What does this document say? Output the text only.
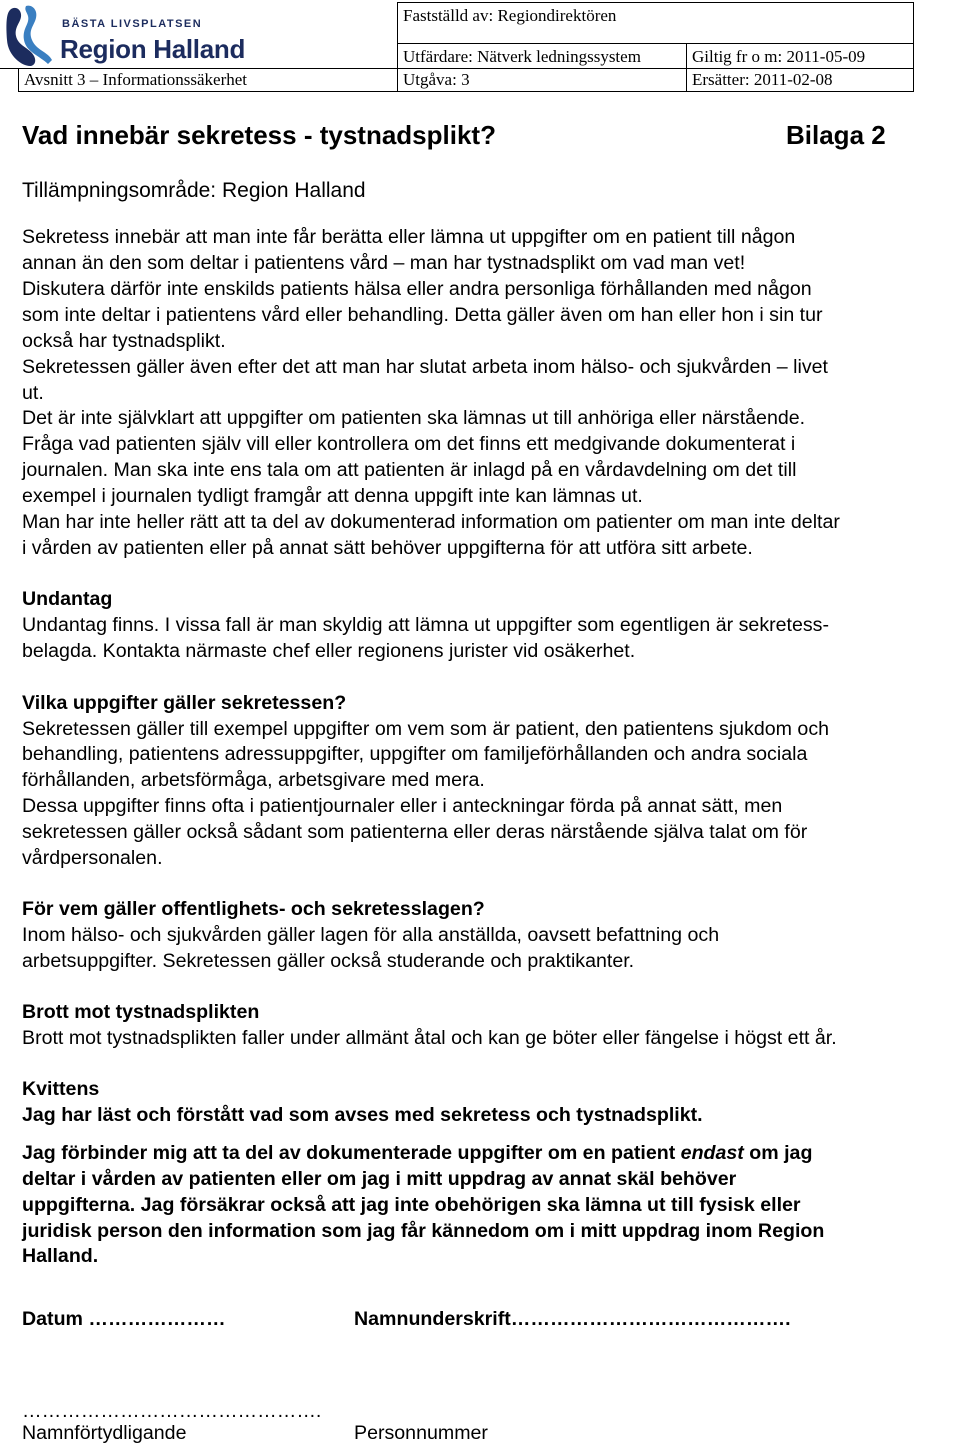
BÄSTA LIVSPLATSEN
Region Halland
Fastställd av: Regiondirektören
Utfärdare: Nätverk ledningssystem	Giltig fr o m: 2011-05-09
Avsnitt 3 – Informationssäkerhet	Utgåva: 3	Ersätter: 2011-02-08
Vad innebär sekretess - tystnadsplikt?	Bilaga 2
Tillämpningsområde: Region Halland
Sekretess innebär att man inte får berätta eller lämna ut uppgifter om en patient till någon
annan än den som deltar i patientens vård – man har tystnadsplikt om vad man vet!
Diskutera därför inte enskilds patients hälsa eller andra personliga förhållanden med någon
som inte deltar i patientens vård eller behandling. Detta gäller även om han eller hon i sin tur
också har tystnadsplikt.
Sekretessen gäller även efter det att man har slutat arbeta inom hälso- och sjukvården – livet
ut.
Det är inte självklart att uppgifter om patienten ska lämnas ut till anhöriga eller närstående.
Fråga vad patienten själv vill eller kontrollera om det finns ett medgivande dokumenterat i
journalen. Man ska inte ens tala om att patienten är inlagd på en vårdavdelning om det till
exempel i journalen tydligt framgår att denna uppgift inte kan lämnas ut.
Man har inte heller rätt att ta del av dokumenterad information om patienter om man inte deltar
i vården av patienten eller på annat sätt behöver uppgifterna för att utföra sitt arbete.
Undantag
Undantag finns. I vissa fall är man skyldig att lämna ut uppgifter som egentligen är sekretess-
belagda. Kontakta närmaste chef eller regionens jurister vid osäkerhet.
Vilka uppgifter gäller sekretessen?
Sekretessen gäller till exempel uppgifter om vem som är patient, den patientens sjukdom och
behandling, patientens adressuppgifter, uppgifter om familjeförhållanden och andra sociala
förhållanden, arbetsförmåga, arbetsgivare med mera.
Dessa uppgifter finns ofta i patientjournaler eller i anteckningar förda på annat sätt, men
sekretessen gäller också sådant som patienterna eller deras närstående själva talat om för
vårdpersonalen.
För vem gäller offentlighets- och sekretesslagen?
Inom hälso- och sjukvården gäller lagen för alla anställda, oavsett befattning och
arbetsuppgifter. Sekretessen gäller också studerande och praktikanter.
Brott mot tystnadsplikten
Brott mot tystnadsplikten faller under allmänt åtal och kan ge böter eller fängelse i högst ett år.
Kvittens
Jag har läst och förstått vad som avses med sekretess och tystnadsplikt.
Jag förbinder mig att ta del av dokumenterade uppgifter om en patient endast om jag
deltar i vården av patienten eller om jag i mitt uppdrag av annat skäl behöver
uppgifterna. Jag försäkrar också att jag inte obehörigen ska lämna ut till fysisk eller
juridisk person den information som jag får kännedom om i mitt uppdrag inom Region
Halland.
Datum …………………	Namnunderskrift…………………………………….
……………………………………….
Namnförtydligande	Personnummer
